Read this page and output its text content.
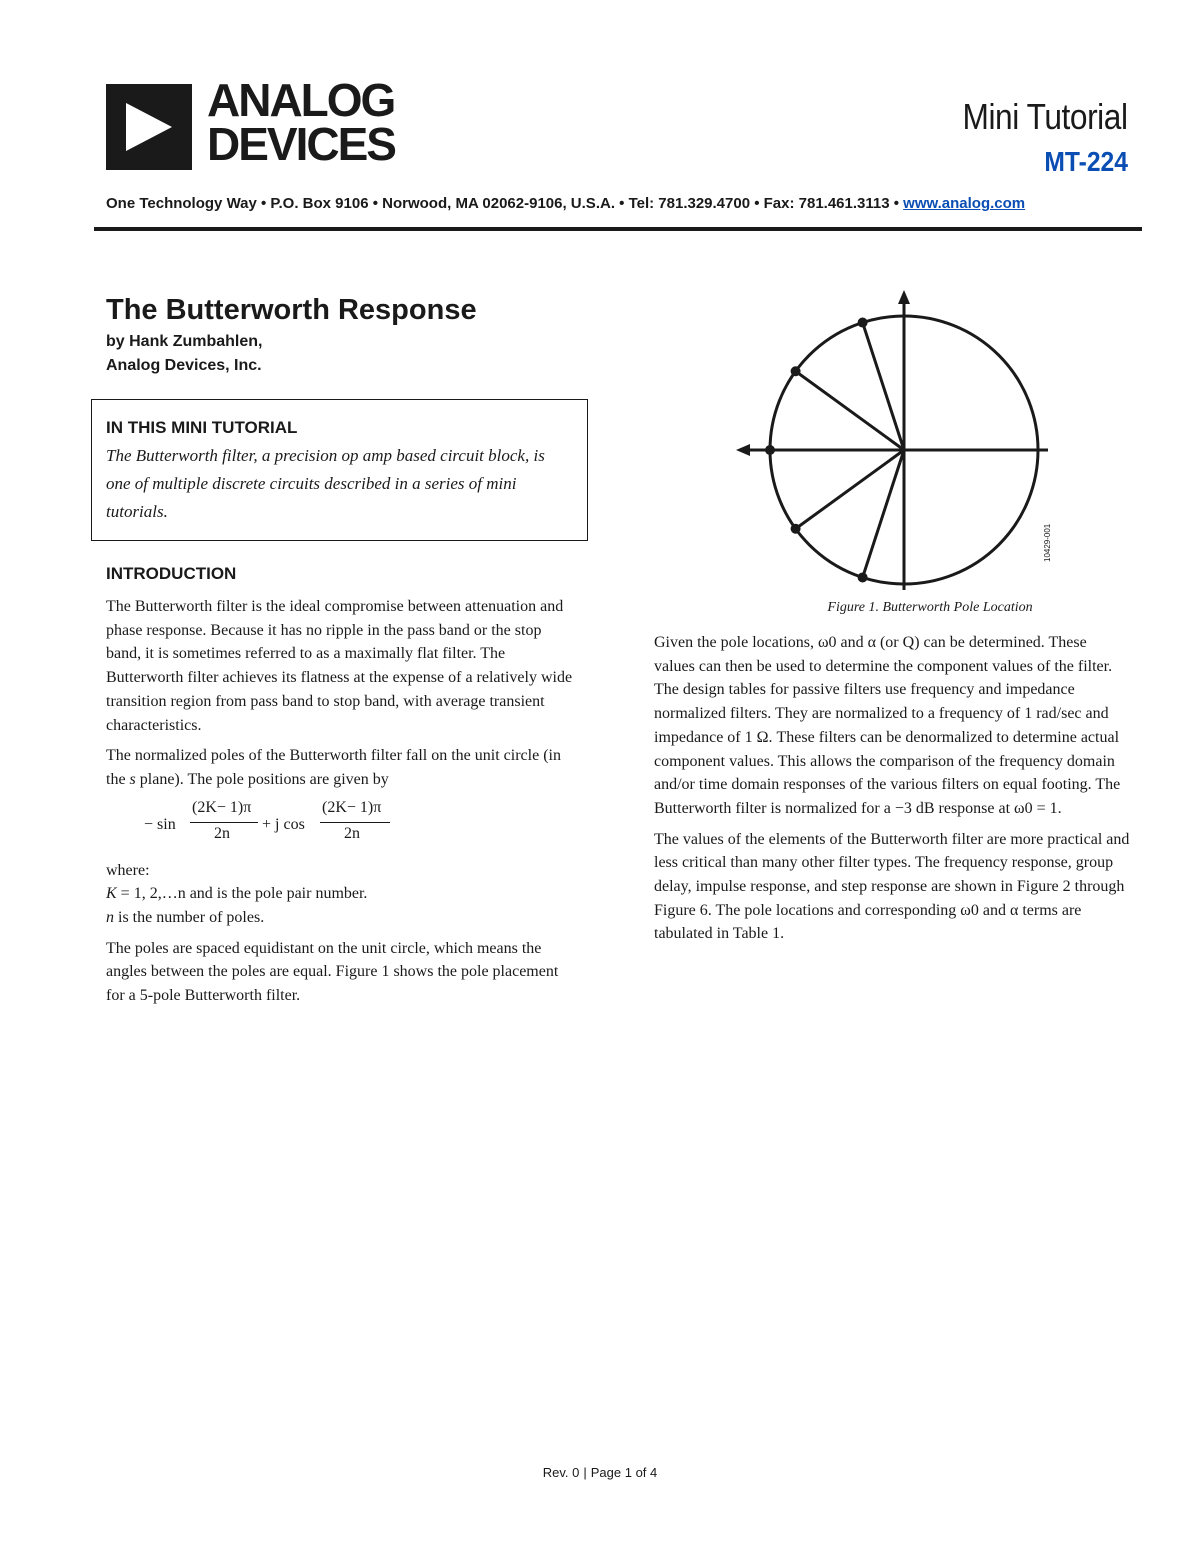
ANALOG
DEVICES
Mini Tutorial
MT-224
One Technology Way • P.O. Box 9106 • Norwood, MA 02062-9106, U.S.A. • Tel: 781.329.4700 • Fax: 781.461.3113 • www.analog.com
The Butterworth Response
by Hank Zumbahlen,
Analog Devices, Inc.
IN THIS MINI TUTORIAL
The Butterworth filter, a precision op amp based circuit block, is one of multiple discrete circuits described in a series of mini tutorials.
INTRODUCTION

The Butterworth filter is the ideal compromise between attenuation and phase response. Because it has no ripple in the pass band or the stop band, it is sometimes referred to as a maximally flat filter. The Butterworth filter achieves its flatness at the expense of a relatively wide transition region from pass band to stop band, with average transient characteristics.

The normalized poles of the Butterworth filter fall on the unit circle (in the s plane). The pole positions are given by

− sin
(2K− 1)π
2n
+ j cos
(2K− 1)π
2n
where:
K = 1, 2,…n and is the pole pair number.
n is the number of poles.

The poles are spaced equidistant on the unit circle, which means the angles between the poles are equal. Figure 1 shows the pole placement for a 5-pole Butterworth filter.

10429-001
Figure 1. Butterworth Pole Location

Given the pole locations, ω0 and α (or Q) can be determined. These values can then be used to determine the component values of the filter. The design tables for passive filters use frequency and impedance normalized filters. They are normalized to a frequency of 1 rad/sec and impedance of 1 Ω. These filters can be denormalized to determine actual component values. This allows the comparison of the frequency domain and/or time domain responses of the various filters on equal footing. The Butterworth filter is normalized for a −3 dB response at ω0 = 1.

The values of the elements of the Butterworth filter are more practical and less critical than many other filter types. The frequency response, group delay, impulse response, and step response are shown in Figure 2 through Figure 6. The pole locations and corresponding ω0 and α terms are tabulated in Table 1.

Rev. 0 | Page 1 of 4
